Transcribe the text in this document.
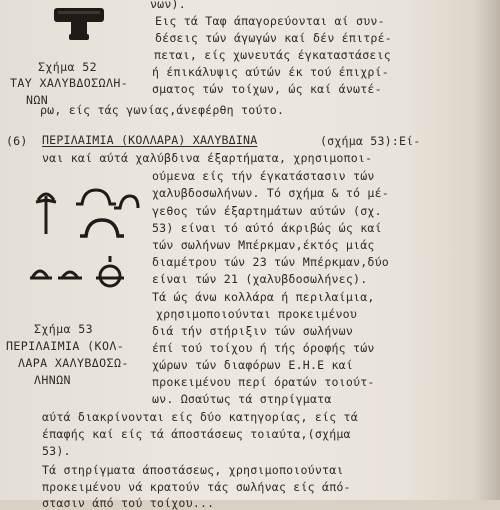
Σχήμα 52
ΤΑΥ ΧΑΛΥΒΔΟΣΩΛΗ-
ΝΩΝ
νων).
Εις τά Ταφ άπαγορεύονται αί συν-
δέσεις τών άγωγών καί δέν έπιτρέ-
πεται, είς χωνευτάς έγκαταστάσεις
ή έπικάλυψις αύτών έκ τού έπιχρί-
σματος τών τοίχων, ώς καί άνωτέ-
ρω, είς τάς γωνίας,άνεφέρθη τούτο.
(6) ΠΕΡΙΛΑΙΜΙΑ (ΚΟΛΛΑΡΑ) ΧΑΛΥΒΔΙΝΑ	(σχήμα 53):Εί-
ναι καί αύτά χαλύβδινα έξαρτήματα, χρησιμοποι-
ούμενα είς τήν έγκατάστασιν τών
χαλυβδοσωλήνων. Τό σχήμα & τό μέ-
γεθος τών έξαρτημάτων αύτών (σχ.
53) είναι τό αύτό άκριβώς ώς καί
τών σωλήνων Μπέρκμαν,έκτός μιάς
διαμέτρου τών 23 τών Μπέρκμαν,δύο
είναι τών 21 (χαλυβδοσωλήνες).
Τά ώς άνω κολλάρα ή περιλαίμια,
χρησιμοποιούνται προκειμένου
διά τήν στήριξιν τών σωλήνων
έπί τού τοίχου ή τής όροφής τών
χώρων τών διαφόρων Ε.Η.Ε καί
προκειμένου περί όρατών τοιούτ-
ων. Ωσαύτως τά στηρίγματα
Σχήμα 53
ΠΕΡΙΛΑΙΜΙΑ (ΚΟΛ-
ΛΑΡΑ ΧΑΛΥΒΔΟΣΩ-
ΛΗΝΩΝ
αύτά διακρίνονται είς δύο κατηγορίας, είς τά
έπαφής καί είς τά άποστάσεως τοιαύτα,(σχήμα
53).
Τά στηρίγματα άποστάσεως, χρησιμοποιούνται
προκειμένου νά κρατούν τάς σωλήνας είς άπό-
στασιν άπό τού τοίχου...
